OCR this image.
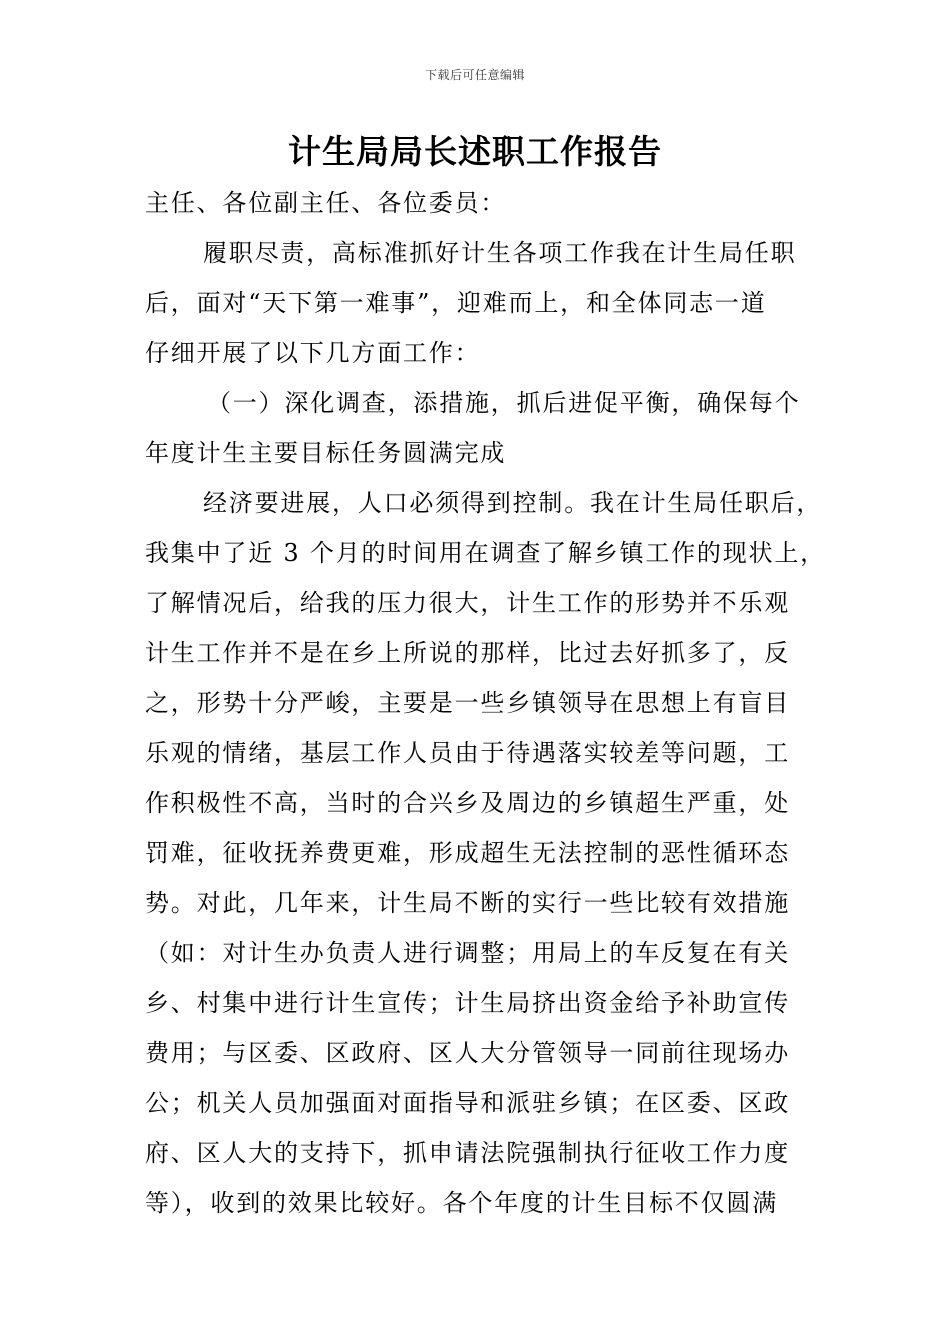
下载后可任意编辑
计生局局长述职工作报告
主任、各位副主任、各位委员：
履职尽责，高标准抓好计生各项工作我在计生局任职
后，面对“天下第一难事”，迎难而上，和全体同志一道
仔细开展了以下几方面工作：
（一）深化调查，添措施，抓后进促平衡，确保每个
年度计生主要目标任务圆满完成
经济要进展，人口必须得到控制。我在计生局任职后，
我集中了近 3 个月的时间用在调查了解乡镇工作的现状上，
了解情况后，给我的压力很大，计生工作的形势并不乐观
计生工作并不是在乡上所说的那样，比过去好抓多了，反
之，形势十分严峻，主要是一些乡镇领导在思想上有盲目
乐观的情绪，基层工作人员由于待遇落实较差等问题，工
作积极性不高，当时的合兴乡及周边的乡镇超生严重，处
罚难，征收抚养费更难，形成超生无法控制的恶性循环态
势。对此，几年来，计生局不断的实行一些比较有效措施
（如：对计生办负责人进行调整；用局上的车反复在有关
乡、村集中进行计生宣传；计生局挤出资金给予补助宣传
费用；与区委、区政府、区人大分管领导一同前往现场办
公；机关人员加强面对面指导和派驻乡镇；在区委、区政
府、区人大的支持下，抓申请法院强制执行征收工作力度
等），收到的效果比较好。各个年度的计生目标不仅圆满
